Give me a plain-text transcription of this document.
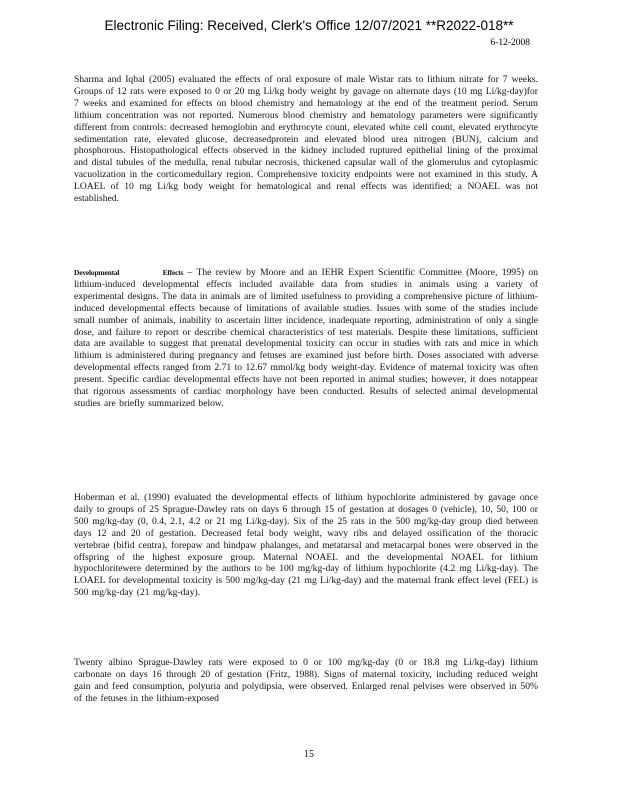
Electronic Filing: Received, Clerk's Office 12/07/2021 **R2022-018**
6-12-2008

Sharma and Iqbal (2005) evaluated the effects of oral exposure of male Wistar rats to lithium nitrate for 7 weeks. Groups of 12 rats were exposed to 0 or 20 mg Li/kg body weight by gavage on alternate days (10 mg Li/kg-day)for 7 weeks and examined for effects on blood chemistry and hematology at the end of the treatment period. Serum lithium concentration was not reported. Numerous blood chemistry and hematology parameters were significantly different from controls: decreased hemoglobin and erythrocyte count, elevated white cell count, elevated erythrocyte sedimentation rate, elevated glucose, decreasedprotein and elevated blood urea nitrogen (BUN), calcium and phosphorous. Histopathological effects observed in the kidney included ruptured epithelial lining of the proximal and distal tubules of the medulla, renal tubular necrosis, thickened capsular wall of the glomerulus and cytoplasmic vacuolization in the corticomedullary region. Comprehensive toxicity endpoints were not examined in this study. A LOAEL of 10 mg Li/kg body weight for hematological and renal effects was identified; a NOAEL was not established.

Developmental	Effects – The review by Moore and an IEHR Expert Scientific Committee (Moore, 1995) on lithium-induced developmental effects included available data from studies in animals using a variety of experimental designs. The data in animals are of limited usefulness to providing a comprehensive picture of lithium-induced developmental effects because of limitations of available studies. Issues with some of the studies include small number of animals, inability to ascertain litter incidence, inadequate reporting, administration of only a single dose, and failure to report or describe chemical characteristics of test materials. Despite these limitations, sufficient data are available to suggest that prenatal developmental toxicity can occur in studies with rats and mice in which lithium is administered during pregnancy and fetuses are examined just before birth. Doses associated with adverse developmental effects ranged from 2.71 to 12.67 mmol/kg body weight-day. Evidence of maternal toxicity was often present. Specific cardiac developmental effects have not been reported in animal studies; however, it does notappear that rigorous assessments of cardiac morphology have been conducted. Results of selected animal developmental studies are briefly summarized below.

Hoberman et al. (1990) evaluated the developmental effects of lithium hypochlorite administered by gavage once daily to groups of 25 Sprague-Dawley rats on days 6 through 15 of gestation at dosages 0 (vehicle), 10, 50, 100 or 500 mg/kg-day (0, 0.4, 2.1, 4.2 or 21 mg Li/kg-day). Six of the 25 rats in the 500 mg/kg-day group died between days 12 and 20 of gestation. Decreased fetal body weight, wavy ribs and delayed ossification of the thoracic vertebrae (bifid centra), forepaw and hindpaw phalanges, and metatarsal and metacarpal bones were observed in the offspring of the highest exposure group. Maternal NOAEL and the developmental NOAEL for lithium hypochloritewere determined by the authors to be 100 mg/kg-day of lithium hypochlorite (4.2 mg Li/kg-day). The LOAEL for developmental toxicity is 500 mg/kg-day (21 mg Li/kg-day) and the maternal frank effect level (FEL) is 500 mg/kg-day (21 mg/kg-day).

Twenty albino Sprague-Dawley rats were exposed to 0 or 100 mg/kg-day (0 or 18.8 mg Li/kg-day) lithium carbonate on days 16 through 20 of gestation (Fritz, 1988). Signs of maternal toxicity, including reduced weight gain and feed consumption, polyuria and polydipsia, were observed. Enlarged renal pelvises were observed in 50% of the fetuses in the lithium-exposed

15
